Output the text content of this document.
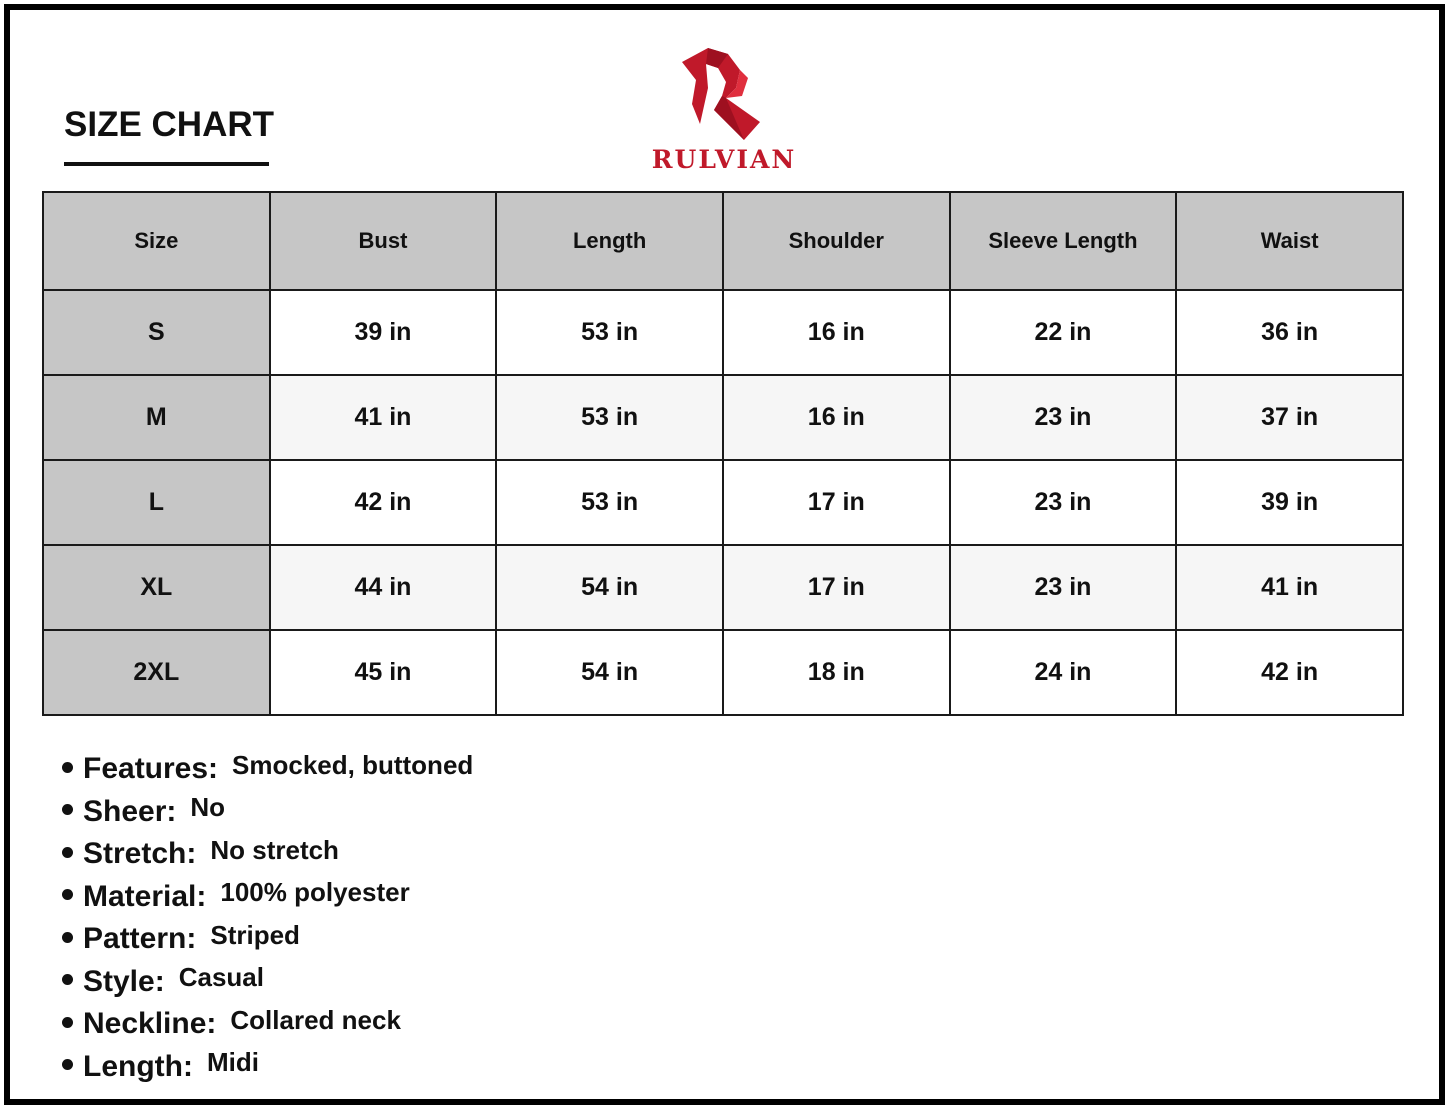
SIZE CHART
RULVIAN
Size	Bust	Length	Shoulder	Sleeve Length	Waist
S	39 in	53 in	16 in	22 in	36 in
M	41 in	53 in	16 in	23 in	37 in
L	42 in	53 in	17 in	23 in	39 in
XL	44 in	54 in	17 in	23 in	41 in
2XL	45 in	54 in	18 in	24 in	42 in
Features: Smocked, buttoned
Sheer: No
Stretch: No stretch
Material: 100% polyester
Pattern: Striped
Style: Casual
Neckline: Collared neck
Length: Midi
